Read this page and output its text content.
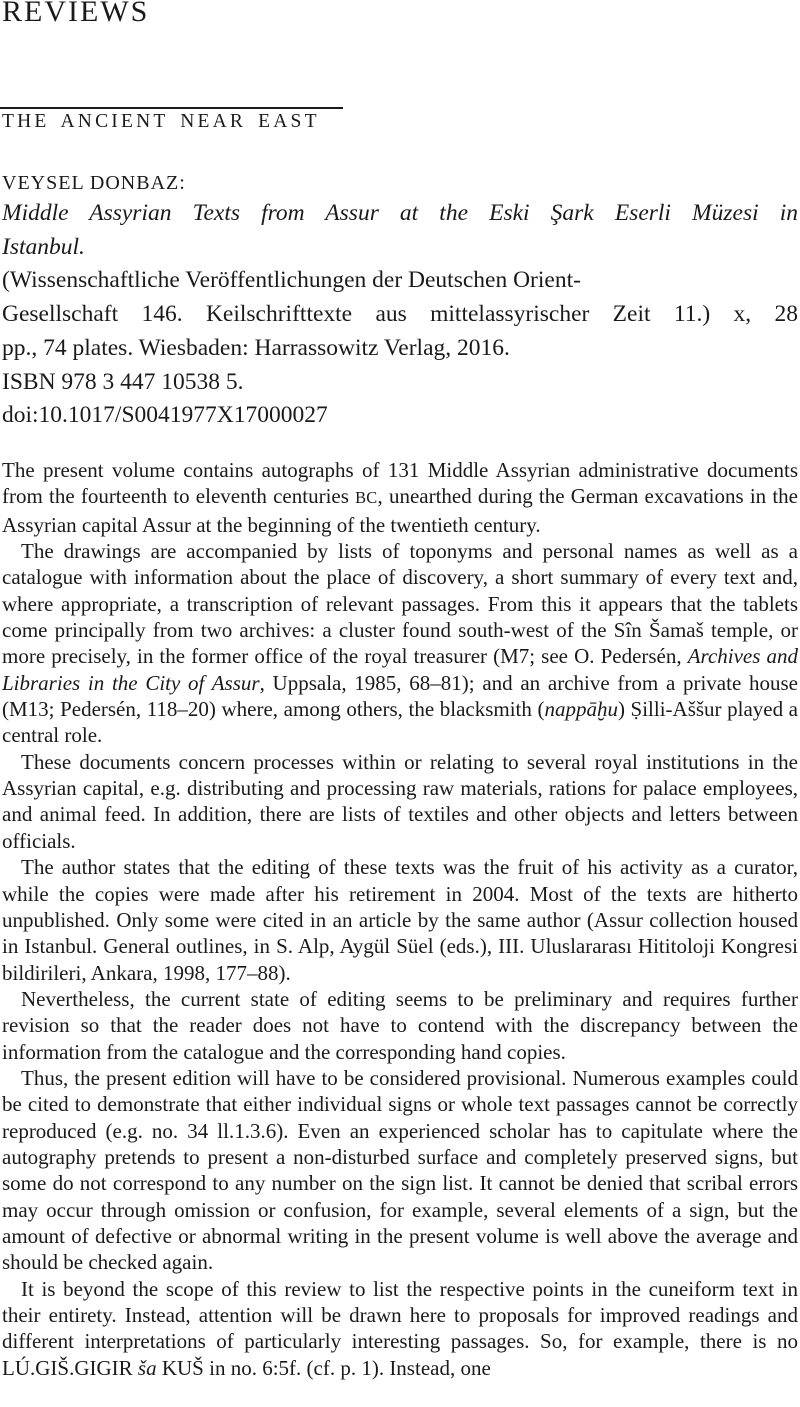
REVIEWS
THE ANCIENT NEAR EAST
VEYSEL DONBAZ:
Middle Assyrian Texts from Assur at the Eski Şark Eserli Müzesi in
Istanbul.
(Wissenschaftliche Veröffentlichungen der Deutschen Orient-
Gesellschaft 146. Keilschrifttexte aus mittelassyrischer Zeit 11.) x, 28
pp., 74 plates. Wiesbaden: Harrassowitz Verlag, 2016.
ISBN 978 3 447 10538 5.
doi:10.1017/S0041977X17000027
The present volume contains autographs of 131 Middle Assyrian administrative documents from the fourteenth to eleventh centuries BC, unearthed during the German excavations in the Assyrian capital Assur at the beginning of the twentieth century.
The drawings are accompanied by lists of toponyms and personal names as well as a catalogue with information about the place of discovery, a short summary of every text and, where appropriate, a transcription of relevant passages. From this it appears that the tablets come principally from two archives: a cluster found south-west of the Sîn Šamaš temple, or more precisely, in the former office of the royal treasurer (M7; see O. Pedersén, Archives and Libraries in the City of Assur, Uppsala, 1985, 68–81); and an archive from a private house (M13; Pedersén, 118–20) where, among others, the blacksmith (nappāḫu) Ṣilli-Aššur played a central role.
These documents concern processes within or relating to several royal institutions in the Assyrian capital, e.g. distributing and processing raw materials, rations for palace employees, and animal feed. In addition, there are lists of textiles and other objects and letters between officials.
The author states that the editing of these texts was the fruit of his activity as a curator, while the copies were made after his retirement in 2004. Most of the texts are hitherto unpublished. Only some were cited in an article by the same author (Assur collection housed in Istanbul. General outlines, in S. Alp, Aygül Süel (eds.), III. Uluslararası Hititoloji Kongresi bildirileri, Ankara, 1998, 177–88).
Nevertheless, the current state of editing seems to be preliminary and requires further revision so that the reader does not have to contend with the discrepancy between the information from the catalogue and the corresponding hand copies.
Thus, the present edition will have to be considered provisional. Numerous examples could be cited to demonstrate that either individual signs or whole text passages cannot be correctly reproduced (e.g. no. 34 ll.1.3.6). Even an experienced scholar has to capitulate where the autography pretends to present a non-disturbed surface and completely preserved signs, but some do not correspond to any number on the sign list. It cannot be denied that scribal errors may occur through omission or confusion, for example, several elements of a sign, but the amount of defective or abnormal writing in the present volume is well above the average and should be checked again.
It is beyond the scope of this review to list the respective points in the cuneiform text in their entirety. Instead, attention will be drawn here to proposals for improved readings and different interpretations of particularly interesting passages. So, for example, there is no LÚ.GIŠ.GIGIR ša KUŠ in no. 6:5f. (cf. p. 1). Instead, one
